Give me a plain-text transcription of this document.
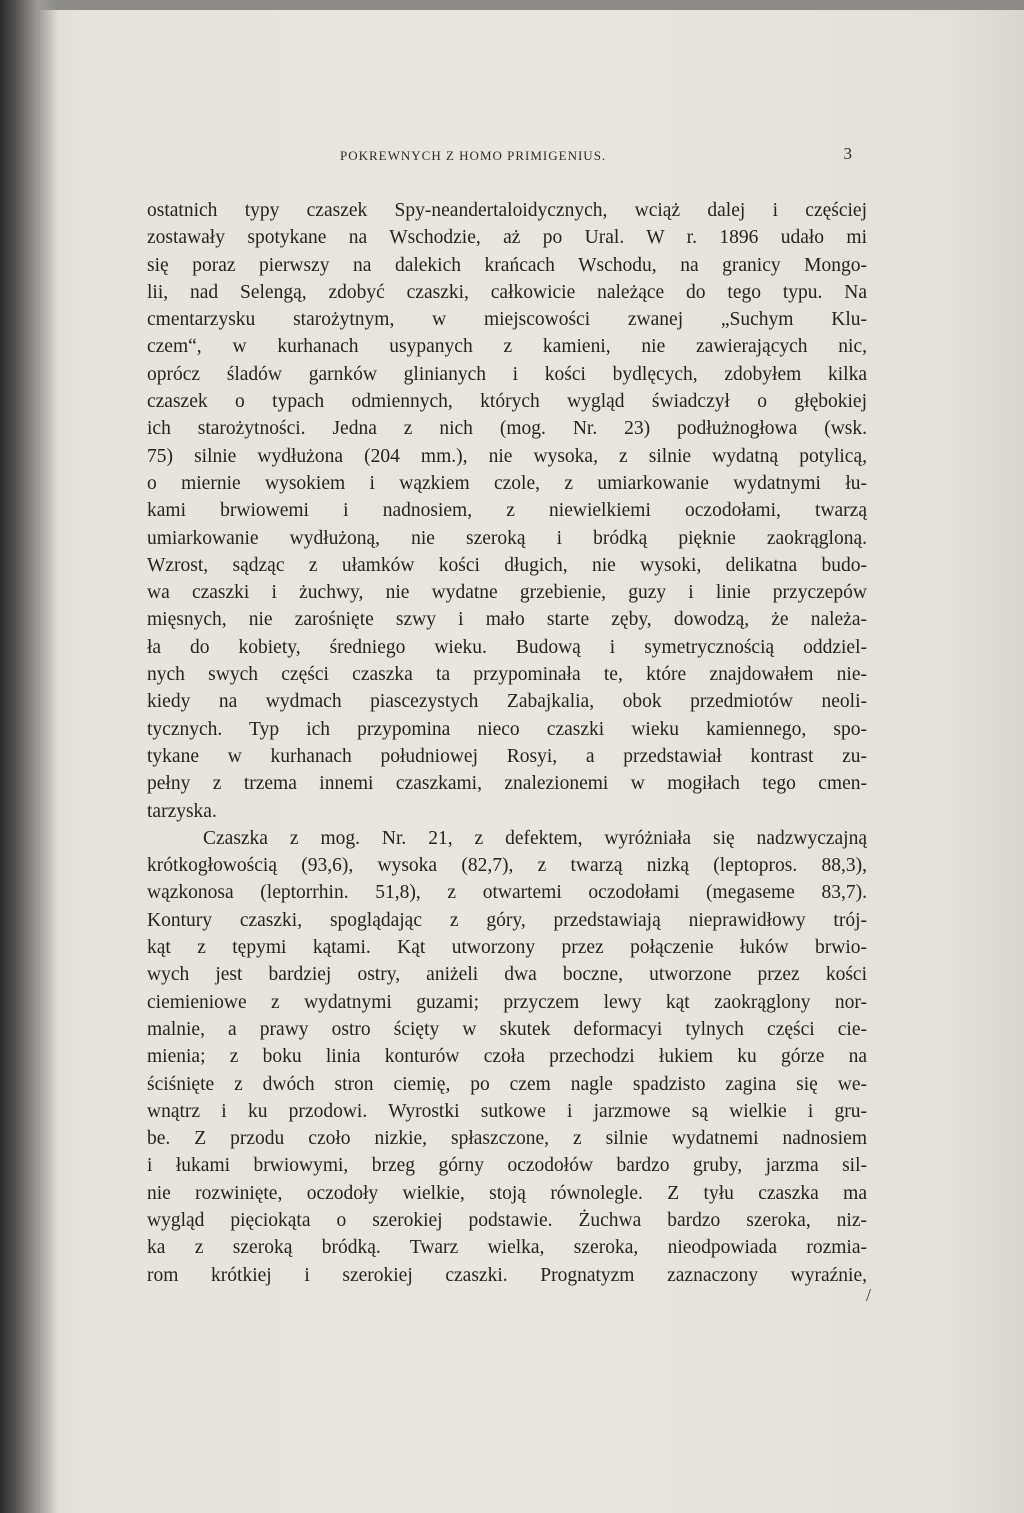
POKREWNYCH Z HOMO PRIMIGENIUS.	3
ostatnich typy czaszek Spy-neandertaloidycznych, wciąż dalej i częściej
zostawały spotykane na Wschodzie, aż po Ural. W r. 1896 udało mi
się poraz pierwszy na dalekich krańcach Wschodu, na granicy Mongo-
lii, nad Selengą, zdobyć czaszki, całkowicie należące do tego typu. Na
cmentarzysku starożytnym, w miejscowości zwanej „Suchym Klu-
czem“, w kurhanach usypanych z kamieni, nie zawierających nic,
oprócz śladów garnków glinianych i kości bydlęcych, zdobyłem kilka
czaszek o typach odmiennych, których wygląd świadczył o głębokiej
ich starożytności. Jedna z nich (mog. Nr. 23) podłużnogłowa (wsk.
75) silnie wydłużona (204 mm.), nie wysoka, z silnie wydatną potylicą,
o miernie wysokiem i wązkiem czole, z umiarkowanie wydatnymi łu-
kami brwiowemi i nadnosiem, z niewielkiemi oczodołami, twarzą
umiarkowanie wydłużoną, nie szeroką i bródką pięknie zaokrągloną.
Wzrost, sądząc z ułamków kości długich, nie wysoki, delikatna budo-
wa czaszki i żuchwy, nie wydatne grzebienie, guzy i linie przyczepów
mięsnych, nie zarośnięte szwy i mało starte zęby, dowodzą, że należa-
ła do kobiety, średniego wieku. Budową i symetrycznością oddziel-
nych swych części czaszka ta przypominała te, które znajdowałem nie-
kiedy na wydmach piascezystych Zabajkalia, obok przedmiotów neoli-
tycznych. Typ ich przypomina nieco czaszki wieku kamiennego, spo-
tykane w kurhanach południowej Rosyi, a przedstawiał kontrast zu-
pełny z trzema innemi czaszkami, znalezionemi w mogiłach tego cmen-
tarzyska.
Czaszka z mog. Nr. 21, z defektem, wyróżniała się nadzwyczajną
krótkogłowością (93,6), wysoka (82,7), z twarzą nizką (leptopros. 88,3),
wązkonosa (leptorrhin. 51,8), z otwartemi oczodołami (megaseme 83,7).
Kontury czaszki, spoglądając z góry, przedstawiają nieprawidłowy trój-
kąt z tępymi kątami. Kąt utworzony przez połączenie łuków brwio-
wych jest bardziej ostry, aniżeli dwa boczne, utworzone przez kości
ciemieniowe z wydatnymi guzami; przyczem lewy kąt zaokrąglony nor-
malnie, a prawy ostro ścięty w skutek deformacyi tylnych części cie-
mienia; z boku linia konturów czoła przechodzi łukiem ku górze na
ściśnięte z dwóch stron ciemię, po czem nagle spadzisto zagina się we-
wnątrz i ku przodowi. Wyrostki sutkowe i jarzmowe są wielkie i gru-
be. Z przodu czoło nizkie, spłaszczone, z silnie wydatnemi nadnosiem
i łukami brwiowymi, brzeg górny oczodołów bardzo gruby, jarzma sil-
nie rozwinięte, oczodoły wielkie, stoją równolegle. Z tyłu czaszka ma
wygląd pięciokąta o szerokiej podstawie. Żuchwa bardzo szeroka, niz-
ka z szeroką bródką. Twarz wielka, szeroka, nieodpowiada rozmia-
rom krótkiej i szerokiej czaszki. Prognatyzm zaznaczony wyraźnie,
/
